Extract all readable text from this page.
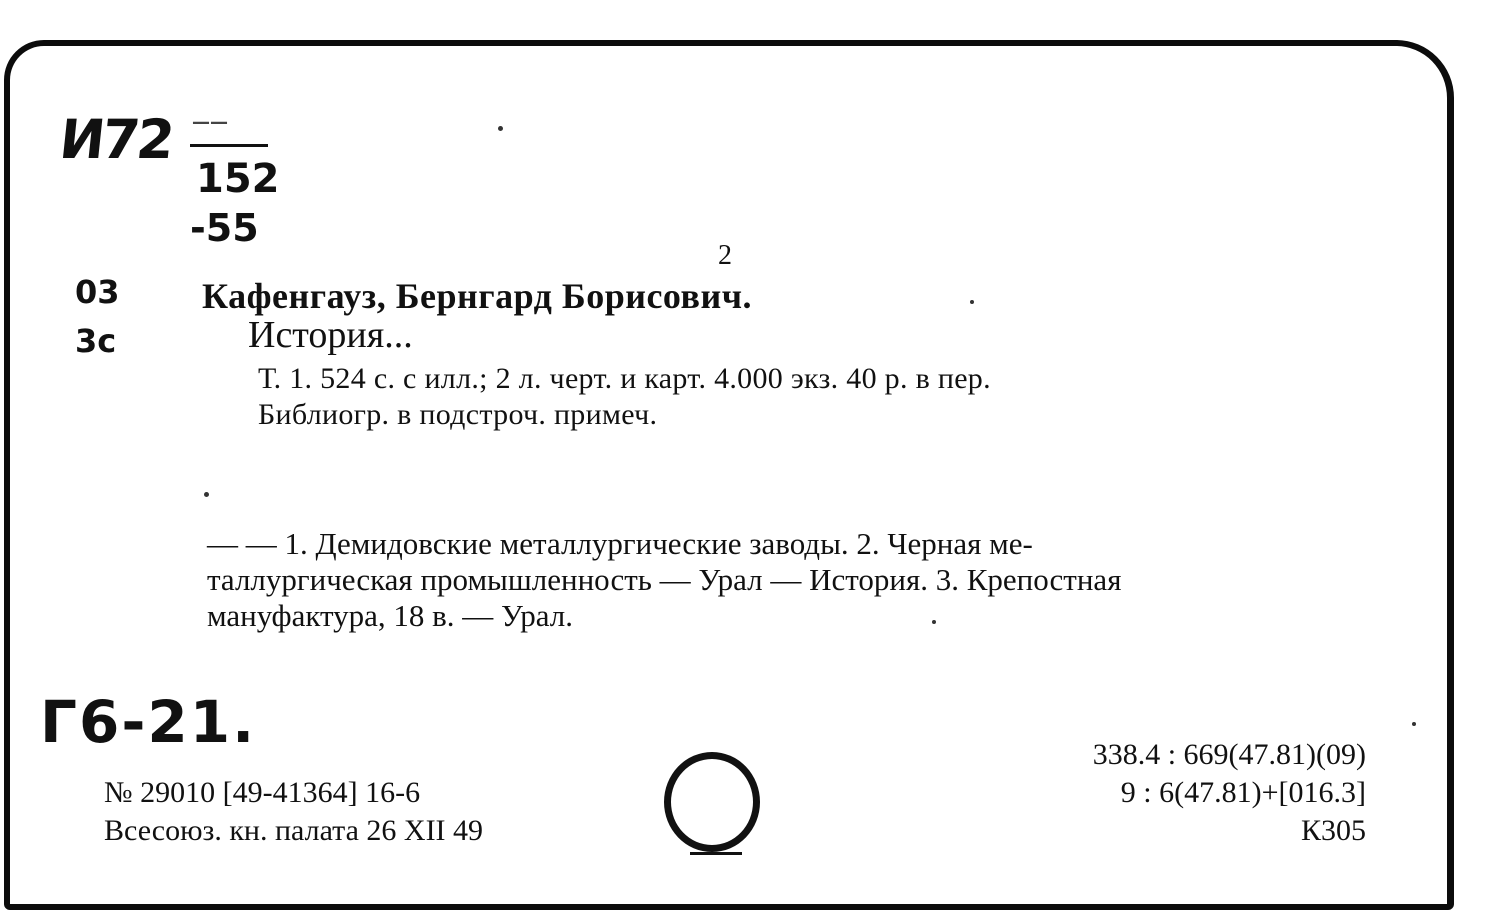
И72 ——
152
-55
2
03
3с
Кафенгауз, Бернгард Борисович.
История...
Т. 1. 524 с. с илл.; 2 л. черт. и карт. 4.000 экз. 40 р. в пер.
Библиогр. в подстроч. примеч.
— — 1. Демидовские металлургические заводы. 2. Черная ме-
таллургическая промышленность — Урал — История. 3. Крепостная
мануфактура, 18 в. — Урал.
Г6-21.
№ 29010 [49-41364] 16-6
Всесоюз. кн. палата 26 XII 49
338.4 : 669(47.81)(09)
9 : 6(47.81)+[016.3]
К305
